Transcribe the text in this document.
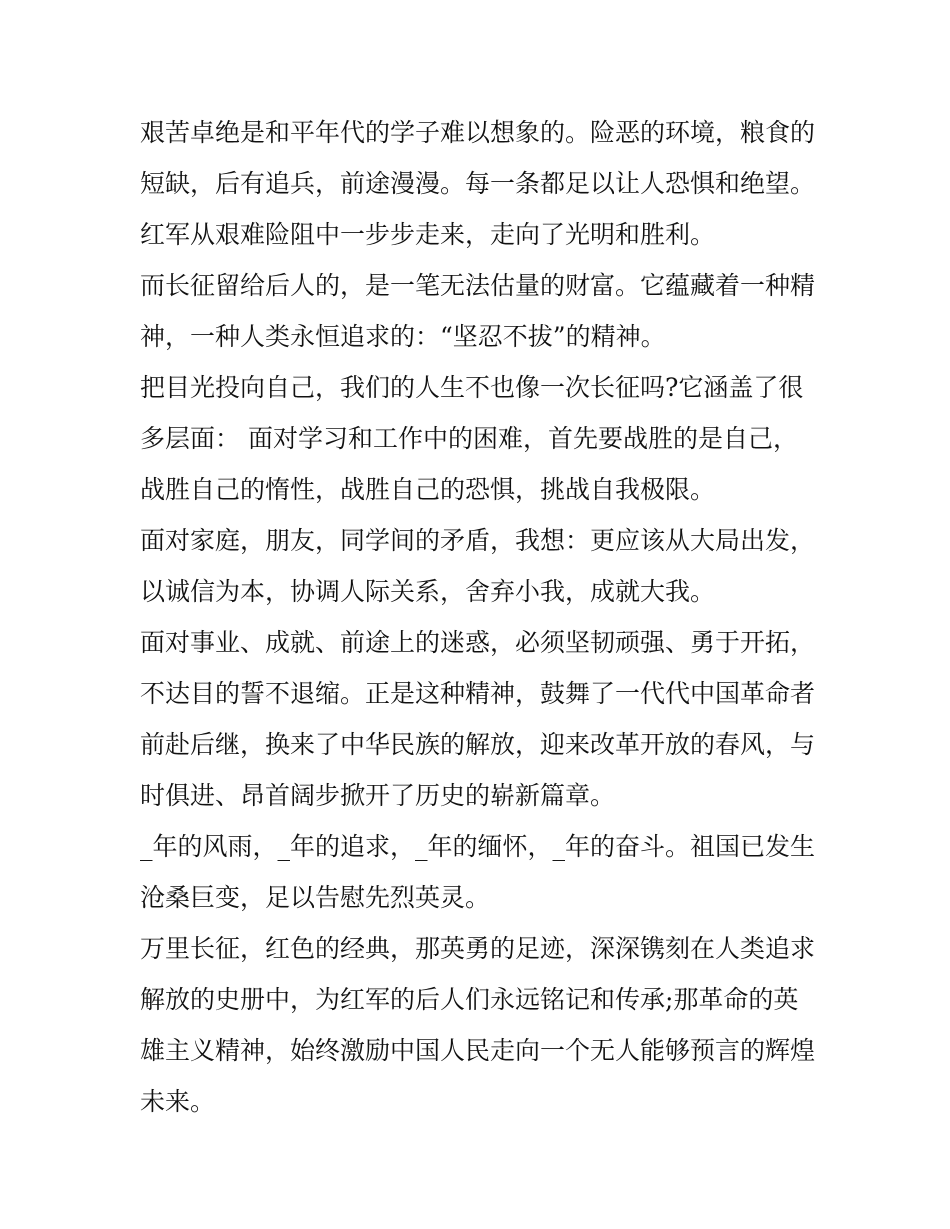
艰苦卓绝是和平年代的学子难以想象的。险恶的环境，粮食的
短缺，后有追兵，前途漫漫。每一条都足以让人恐惧和绝望。
红军从艰难险阻中一步步走来，走向了光明和胜利。
而长征留给后人的，是一笔无法估量的财富。它蕴藏着一种精
神，一种人类永恒追求的：“坚忍不拔”的精神。
把目光投向自己，我们的人生不也像一次长征吗?它涵盖了很
多层面： 面对学习和工作中的困难，首先要战胜的是自己，
战胜自己的惰性，战胜自己的恐惧，挑战自我极限。
面对家庭，朋友，同学间的矛盾，我想：更应该从大局出发，
以诚信为本，协调人际关系，舍弃小我，成就大我。
面对事业、成就、前途上的迷惑，必须坚韧顽强、勇于开拓，
不达目的誓不退缩。正是这种精神，鼓舞了一代代中国革命者
前赴后继，换来了中华民族的解放，迎来改革开放的春风，与
时俱进、昂首阔步掀开了历史的崭新篇章。
_年的风雨，_年的追求，_年的缅怀，_年的奋斗。祖国已发生
沧桑巨变，足以告慰先烈英灵。
万里长征，红色的经典，那英勇的足迹，深深镌刻在人类追求
解放的史册中，为红军的后人们永远铭记和传承;那革命的英
雄主义精神，始终激励中国人民走向一个无人能够预言的辉煌
未来。
